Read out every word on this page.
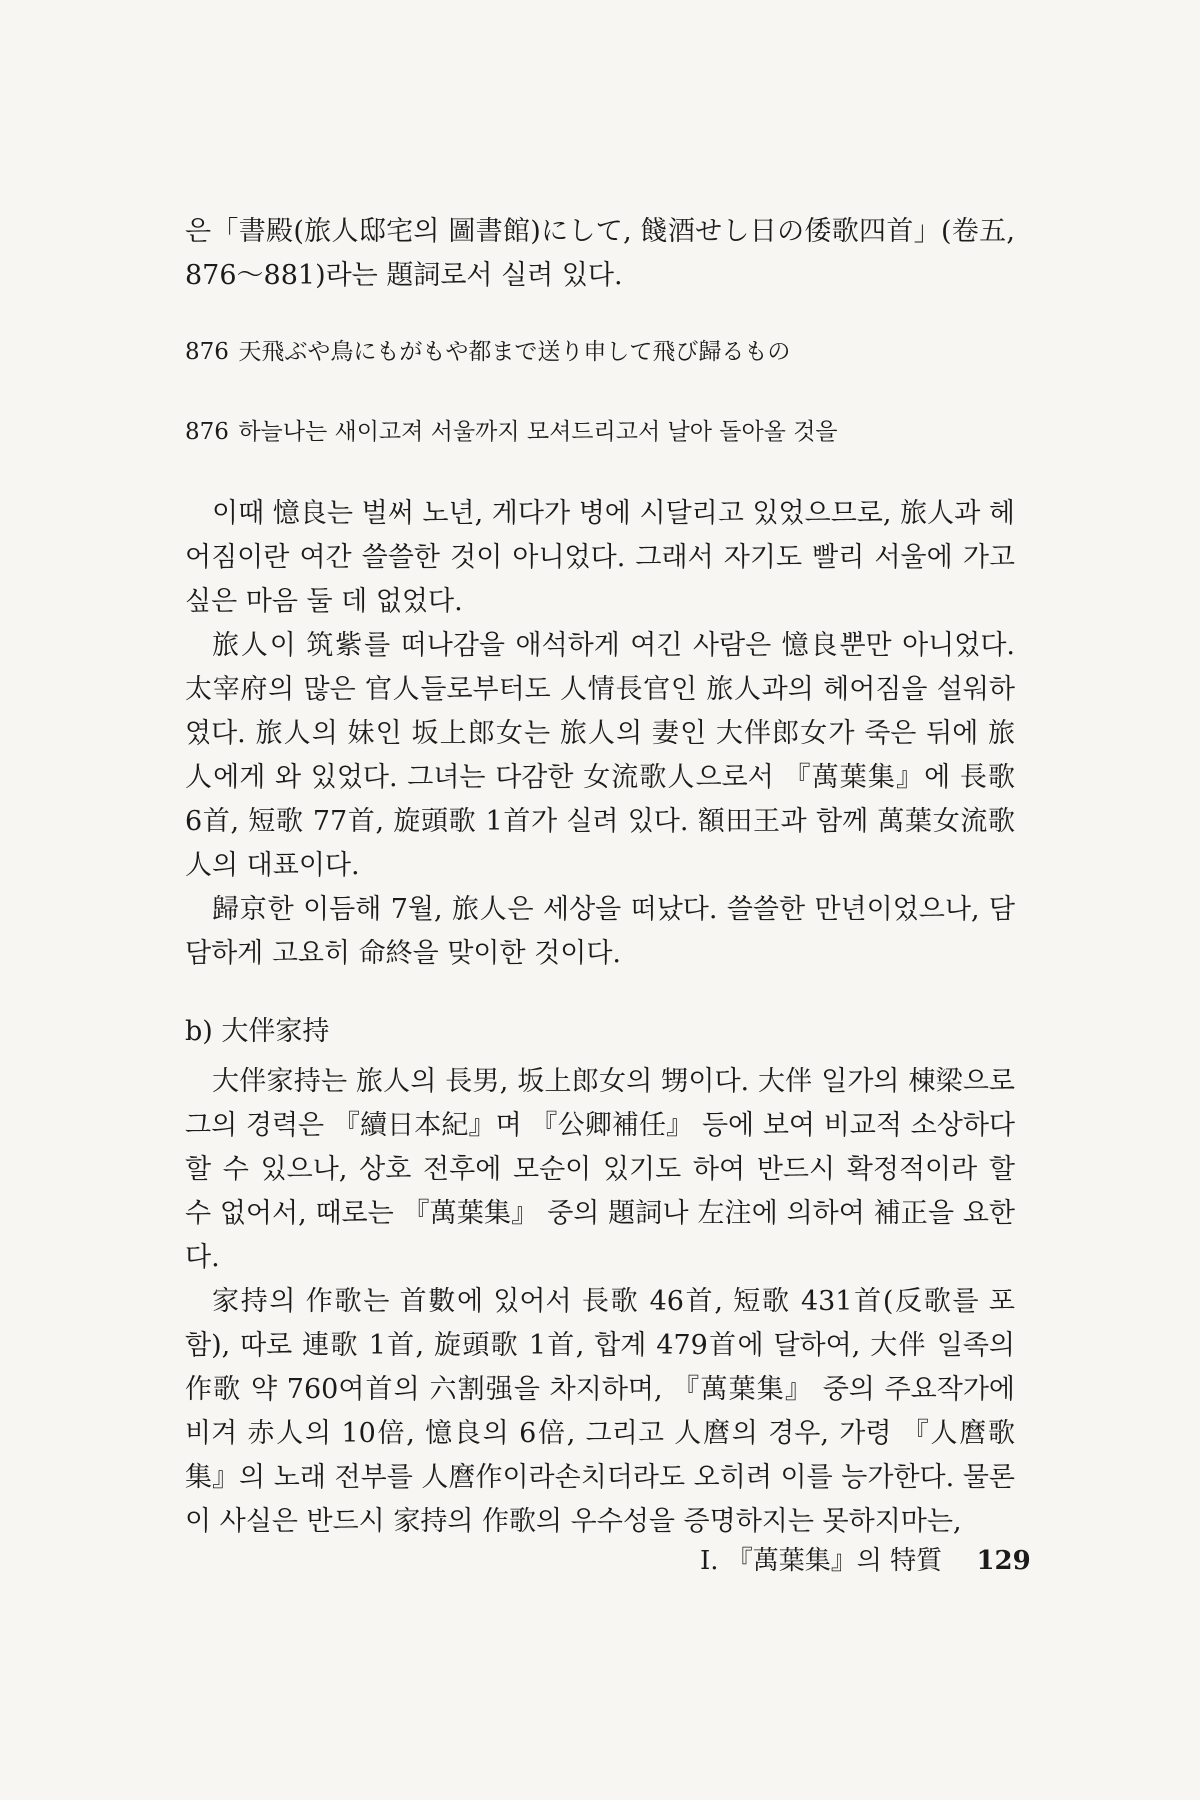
은「書殿(旅人邸宅의 圖書館)にして, 餞酒せし日の倭歌四首」(卷五, 876～881)라는 題詞로서 실려 있다.

876 天飛ぶや鳥にもがもや都まで送り申して飛び歸るもの
876 하늘나는 새이고져 서울까지 모셔드리고서 날아 돌아올 것을

이때 憶良는 벌써 노년, 게다가 병에 시달리고 있었으므로, 旅人과 헤어짐이란 여간 쓸쓸한 것이 아니었다. 그래서 자기도 빨리 서울에 가고 싶은 마음 둘 데 없었다.

旅人이 筑紫를 떠나감을 애석하게 여긴 사람은 憶良뿐만 아니었다. 太宰府의 많은 官人들로부터도 人情長官인 旅人과의 헤어짐을 설워하였다. 旅人의 妹인 坂上郎女는 旅人의 妻인 大伴郎女가 죽은 뒤에 旅人에게 와 있었다. 그녀는 다감한 女流歌人으로서 『萬葉集』에 長歌 6首, 短歌 77首, 旋頭歌 1首가 실려 있다. 額田王과 함께 萬葉女流歌人의 대표이다.

歸京한 이듬해 7월, 旅人은 세상을 떠났다. 쓸쓸한 만년이었으나, 담담하게 고요히 命終을 맞이한 것이다.

b) 大伴家持

大伴家持는 旅人의 長男, 坂上郎女의 甥이다. 大伴 일가의 棟梁으로 그의 경력은 『續日本紀』며 『公卿補任』 등에 보여 비교적 소상하다 할 수 있으나, 상호 전후에 모순이 있기도 하여 반드시 확정적이라 할 수 없어서, 때로는 『萬葉集』 중의 題詞나 左注에 의하여 補正을 요한다.

家持의 作歌는 首數에 있어서 長歌 46首, 短歌 431首(反歌를 포함), 따로 連歌 1首, 旋頭歌 1首, 합계 479首에 달하여, 大伴 일족의 作歌 약 760여首의 六割强을 차지하며, 『萬葉集』 중의 주요작가에 비겨 赤人의 10倍, 憶良의 6倍, 그리고 人麿의 경우, 가령 『人麿歌集』의 노래 전부를 人麿作이라손치더라도 오히려 이를 능가한다. 물론 이 사실은 반드시 家持의 作歌의 우수성을 증명하지는 못하지마는,

I. 『萬葉集』의 特質 129
